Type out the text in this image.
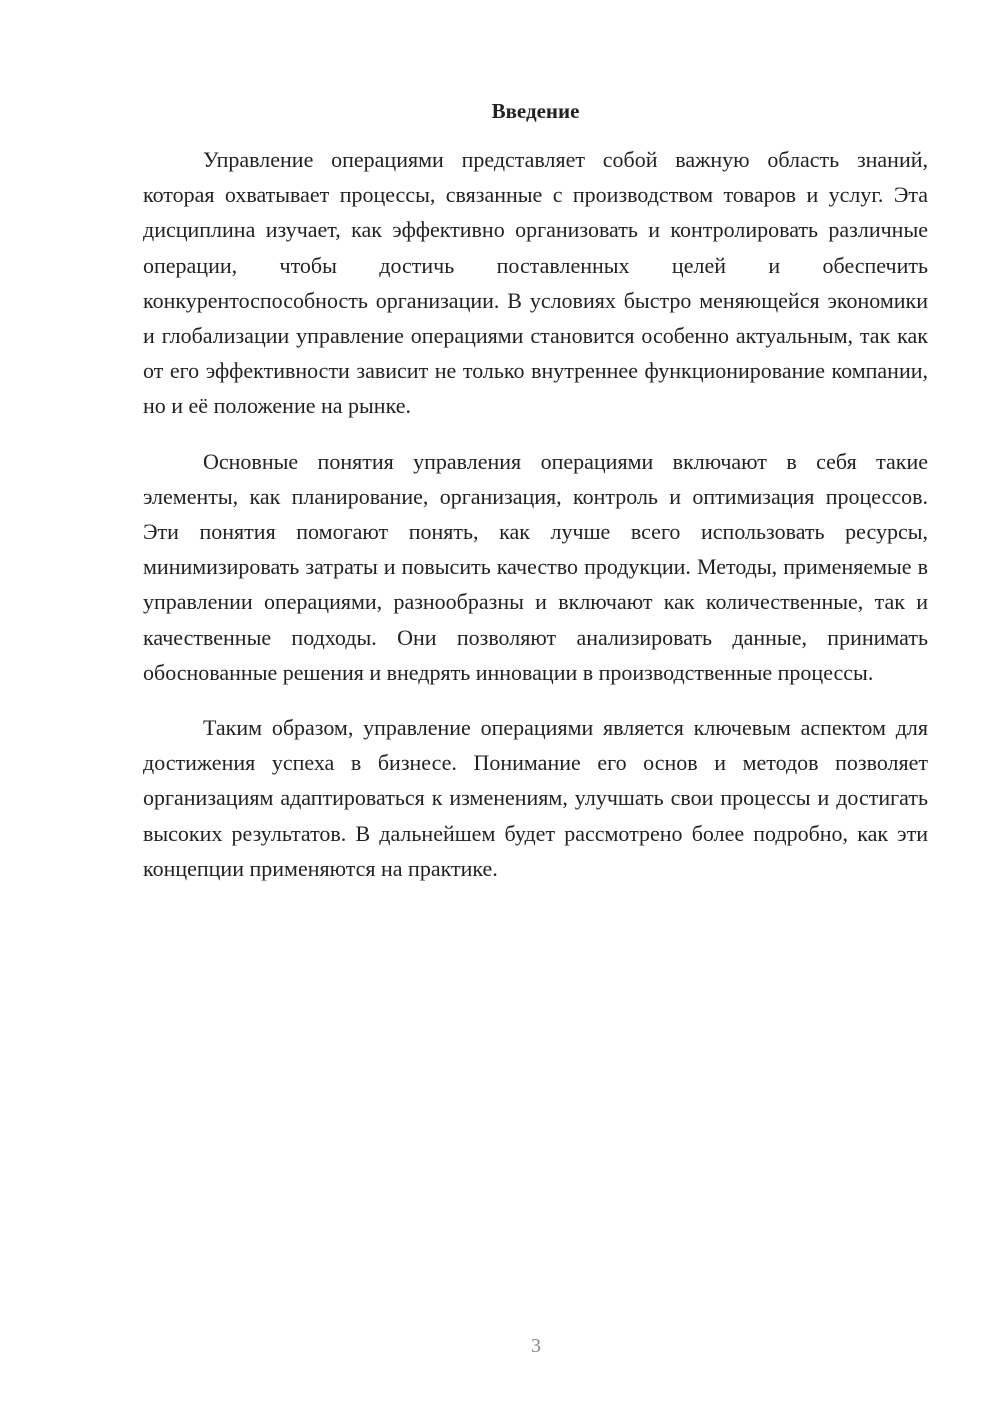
Введение

Управление операциями представляет собой важную область знаний, которая охватывает процессы, связанные с производством товаров и услуг. Эта дисциплина изучает, как эффективно организовать и контролировать различные операции, чтобы достичь поставленных целей и обеспечить конкурентоспособность организации. В условиях быстро меняющейся экономики и глобализации управление операциями становится особенно актуальным, так как от его эффективности зависит не только внутреннее функционирование компании, но и её положение на рынке.

Основные понятия управления операциями включают в себя такие элементы, как планирование, организация, контроль и оптимизация процессов. Эти понятия помогают понять, как лучше всего использовать ресурсы, минимизировать затраты и повысить качество продукции. Методы, применяемые в управлении операциями, разнообразны и включают как количественные, так и качественные подходы. Они позволяют анализировать данные, принимать обоснованные решения и внедрять инновации в производственные процессы.

Таким образом, управление операциями является ключевым аспектом для достижения успеха в бизнесе. Понимание его основ и методов позволяет организациям адаптироваться к изменениям, улучшать свои процессы и достигать высоких результатов. В дальнейшем будет рассмотрено более подробно, как эти концепции применяются на практике.

3
